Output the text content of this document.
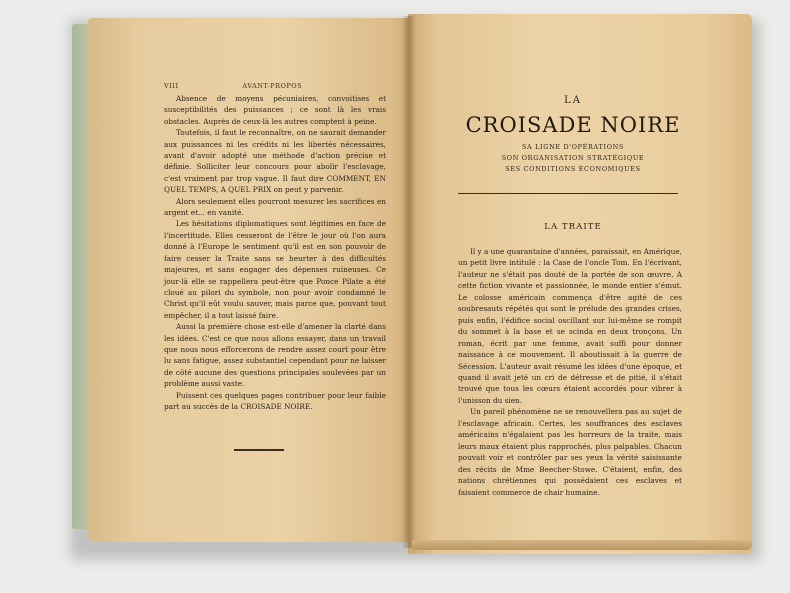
VIII	AVANT-PROPOS

Absence de moyens pécuniaires, convoitises et susceptibilités des puissances ; ce sont là les vrais obstacles. Auprès de ceux-là les autres comptent à peine.

Toutefois, il faut le reconnaître, on ne saurait demander aux puissances ni les crédits ni les libertés nécessaires, avant d'avoir adopté une méthode d'action précise et définie. Solliciter leur concours pour abolir l'esclavage, c'est vraiment par trop vague. Il faut dire COMMENT, EN QUEL TEMPS, A QUEL PRIX on peut y parvenir.

Alors seulement elles pourront mesurer les sacrifices en argent et... en vanité.

Les hésitations diplomatiques sont légitimes en face de l'incertitude. Elles cesseront de l'être le jour où l'on aura donné à l'Europe le sentiment qu'il est en son pouvoir de faire cesser la Traite sans se heurter à des difficultés majeures, et sans engager des dépenses ruineuses. Ce jour-là elle se rappellera peut-être que Ponce Pilate a été cloué au pilori du symbole, non pour avoir condamné le Christ qu'il eût voulu sauver, mais parce que, pouvant tout empêcher, il a tout laissé faire.

Aussi la première chose est-elle d'amener la clarté dans les idées. C'est ce que nous allons essayer, dans un travail que nous nous efforcerons de rendre assez court pour être lu sans fatigue, assez substantiel cependant pour ne laisser de côté aucune des questions principales soulevées par un problème aussi vaste.

Puissent ces quelques pages contribuer pour leur faible part au succès de la CROISADE NOIRE.

LA
CROISADE NOIRE
SA LIGNE D'OPÉRATIONS
SON ORGANISATION STRATÉGIQUE
SES CONDITIONS ÉCONOMIQUES
LA TRAITE

Il y a une quarantaine d'années, paraissait, en Amérique, un petit livre intitulé : la Case de l'oncle Tom. En l'écrivant, l'auteur ne s'était pas douté de la portée de son œuvre. A cette fiction vivante et passionnée, le monde entier s'émut. Le colosse américain commença d'être agité de ces soubresauts répétés qui sont le prélude des grandes crises, puis enfin, l'édifice social oscillant sur lui-même se rompit du sommet à la base et se scinda en deux tronçons. Un roman, écrit par une femme, avait suffi pour donner naissance à ce mouvement. Il aboutissait à la guerre de Sécession. L'auteur avait résumé les idées d'une époque, et quand il avait jeté un cri de détresse et de pitié, il s'était trouvé que tous les cœurs étaient accordés pour vibrer à l'unisson du sien.

Un pareil phénomène ne se renouvellera pas au sujet de l'esclavage africain. Certes, les souffrances des esclaves américains n'égalaient pas les horreurs de la traite, mais leurs maux étaient plus rapprochés, plus palpables. Chacun pouvait voir et contrôler par ses yeux la vérité saisissante des récits de Mme Beecher-Stowe. C'étaient, enfin, des nations chrétiennes qui possédaient ces esclaves et faisaient commerce de chair humaine.
